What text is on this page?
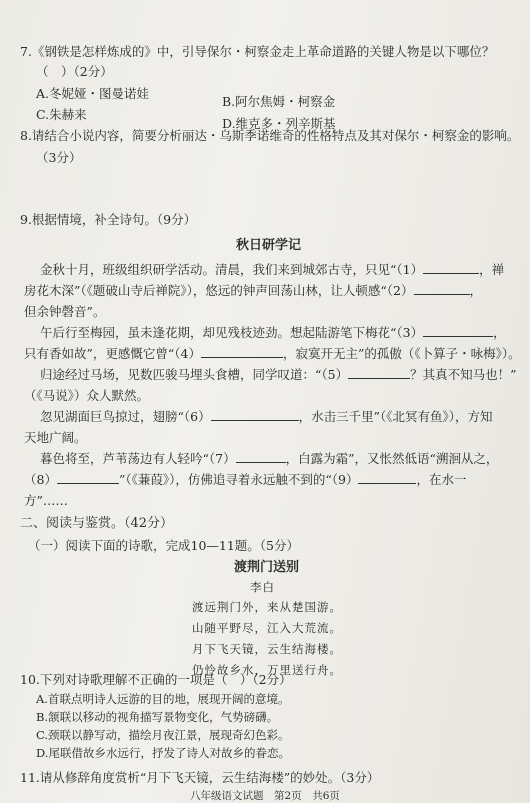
7.《钢铁是怎样炼成的》中，引导保尔・柯察金走上革命道路的关键人物是以下哪位？
（　）（2分）
A.冬妮娅・图曼诺娃
B.阿尔焦姆・柯察金
C.朱赫来
D.维克多・列辛斯基
8.请结合小说内容，简要分析丽达・乌斯季诺维奇的性格特点及其对保尔・柯察金的影响。
（3分）
9.根据情境，补全诗句。（9分）
秋日研学记
金秋十月，班级组织研学活动。清晨，我们来到城郊古寺，只见“（1）	，禅
房花木深”（《题破山寺后禅院》），悠远的钟声回荡山林，让人顿感“（2）	，
但余钟磬音”。
午后行至梅园，虽未逢花期，却见残枝迹劲。想起陆游笔下梅花“（3）	，
只有香如故”，更感慨它曾“（4）	，寂寞开无主”的孤傲（《卜算子・咏梅》）。
归途经过马场，见数匹骏马埋头食槽，同学叹道：“（5）	？其真不知马也！”
（《马说》）众人默然。
忽见湖面巨鸟掠过，翅膀“（6）	，水击三千里”（《北冥有鱼》），方知
天地广阔。
暮色将至，芦苇荡边有人轻吟“（7）	，白露为霜”，又怅然低语“溯洄从之，
（8）	”（《蒹葭》），仿佛追寻着永远触不到的“（9）	，在水一
方”……
二、阅读与鉴赏。（42分）
（一）阅读下面的诗歌，完成10—11题。（5分）
渡荆门送别
李白
渡远荆门外，来从楚国游。
山随平野尽，江入大荒流。
月下飞天镜，云生结海楼。
仍怜故乡水，万里送行舟。
10.下列对诗歌理解不正确的一项是（　）（2分）
A.首联点明诗人远游的目的地，展现开阔的意境。
B.颔联以移动的视角描写景物变化，气势磅礴。
C.颈联以静写动，描绘月夜江景，展现奇幻色彩。
D.尾联借故乡水远行，抒发了诗人对故乡的眷恋。
11.请从修辞角度赏析“月下飞天镜，云生结海楼”的妙处。（3分）
八年级语文试题　第2页　共6页
